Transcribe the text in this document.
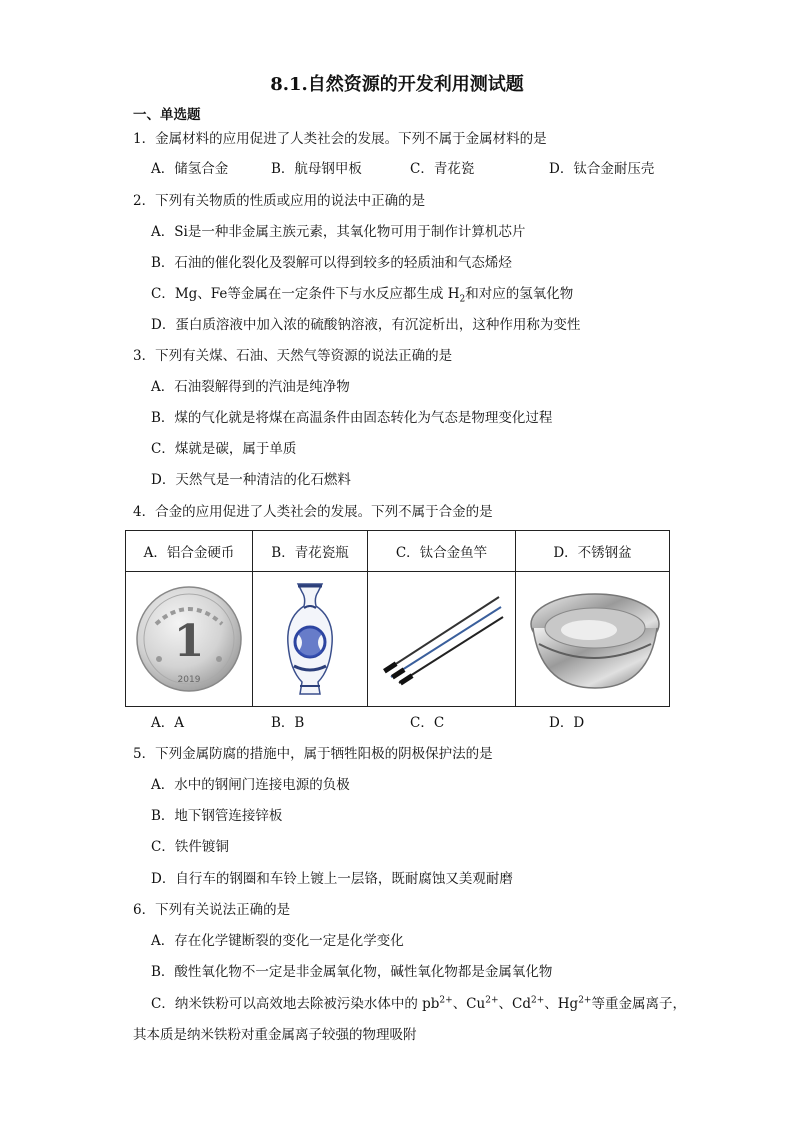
8.1.自然资源的开发利用测试题
一、单选题
1．金属材料的应用促进了人类社会的发展。下列不属于金属材料的是
A．储氢合金	B．航母钢甲板	C．青花瓷	D．钛合金耐压壳
2．下列有关物质的性质或应用的说法中正确的是
A．Si是一种非金属主族元素，其氧化物可用于制作计算机芯片
B．石油的催化裂化及裂解可以得到较多的轻质油和气态烯烃
C．Mg、Fe等金属在一定条件下与水反应都生成 $H_2$和对应的氢氧化物
D．蛋白质溶液中加入浓的硫酸钠溶液，有沉淀析出，这种作用称为变性
3．下列有关煤、石油、天然气等资源的说法正确的是
A．石油裂解得到的汽油是纯净物
B．煤的气化就是将煤在高温条件由固态转化为气态是物理变化过程
C．煤就是碳，属于单质
D．天然气是一种清洁的化石燃料
4．合金的应用促进了人类社会的发展。下列不属于合金的是
A．铝合金硬币	B．青花瓷瓶	C．钛合金鱼竿	D．不锈钢盆

1
2019

A．A	B．B	C．C	D．D
5．下列金属防腐的措施中，属于牺牲阳极的阴极保护法的是
A．水中的钢闸门连接电源的负极
B．地下钢管连接锌板
C．铁件镀铜
D．自行车的钢圈和车铃上镀上一层铬，既耐腐蚀又美观耐磨
6．下列有关说法正确的是
A．存在化学键断裂的变化一定是化学变化
B．酸性氧化物不一定是非金属氧化物，碱性氧化物都是金属氧化物
C．纳米铁粉可以高效地去除被污染水体中的 $pb^{2+}$、$Cu^{2+}$、$Cd^{2+}$、$Hg^{2+}$等重金属离子，
其本质是纳米铁粉对重金属离子较强的物理吸附
